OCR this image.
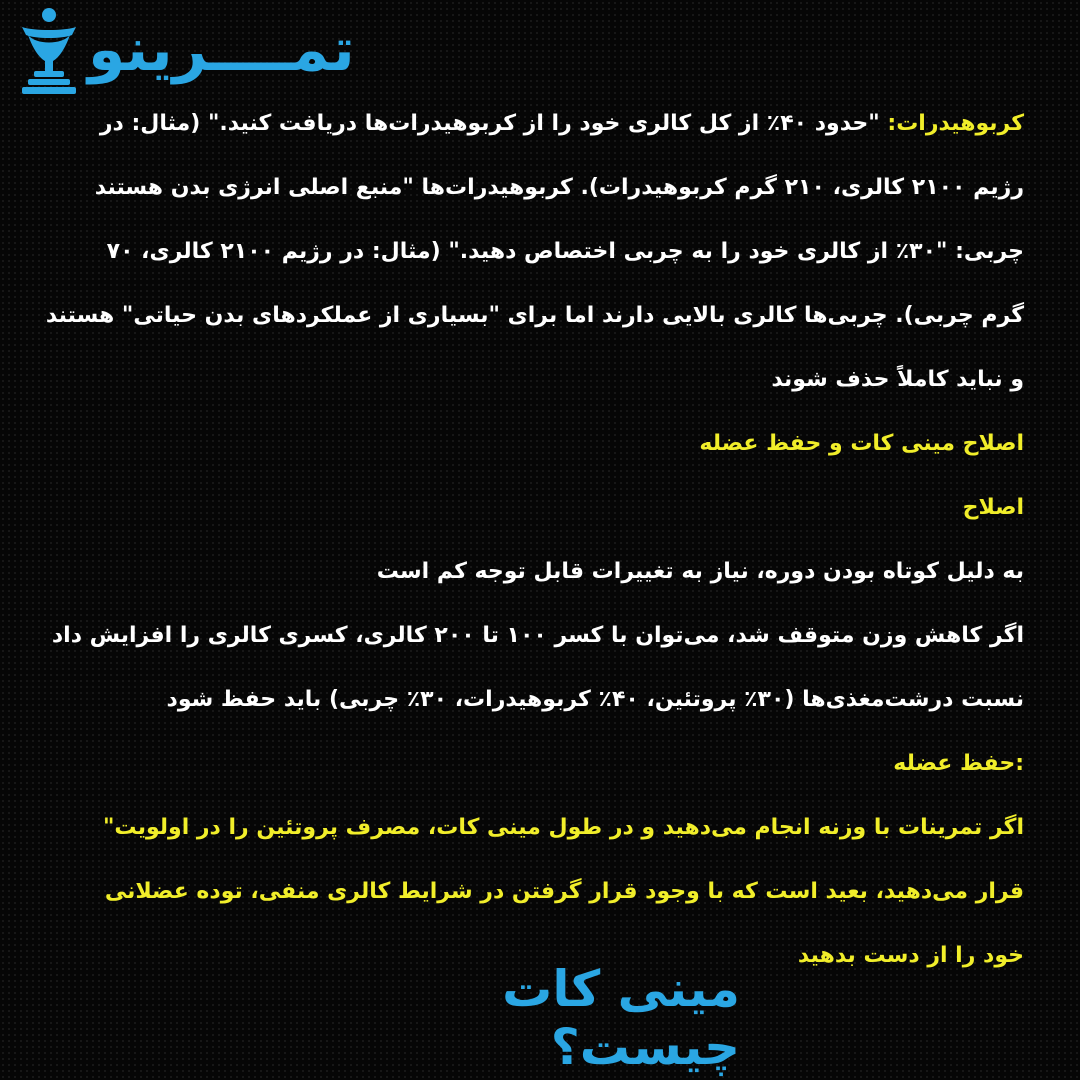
تمــــرینو
کربوهیدرات: "حدود ۴۰٪ از کل کالری خود را از کربوهیدرات‌ها دریافت کنید." (مثال: در
رژیم ۲۱۰۰ کالری، ۲۱۰ گرم کربوهیدرات). کربوهیدرات‌ها "منبع اصلی انرژی بدن هستند
چربی: "۳۰٪ از کالری خود را به چربی اختصاص دهید." (مثال: در رژیم ۲۱۰۰ کالری، ۷۰
گرم چربی). چربی‌ها کالری بالایی دارند اما برای "بسیاری از عملکردهای بدن حیاتی" هستند
و نباید کاملاً حذف شوند
اصلاح مینی کات و حفظ عضله
اصلاح
به دلیل کوتاه بودن دوره، نیاز به تغییرات قابل توجه کم است
اگر کاهش وزن متوقف شد، می‌توان با کسر ۱۰۰ تا ۲۰۰ کالری، کسری کالری را افزایش داد
نسبت درشت‌مغذی‌ها (۳۰٪ پروتئین، ۴۰٪ کربوهیدرات، ۳۰٪ چربی) باید حفظ شود
:حفظ عضله
اگر تمرینات با وزنه انجام می‌دهید و در طول مینی کات، مصرف پروتئین را در اولویت"
قرار می‌دهید، بعید است که با وجود قرار گرفتن در شرایط کالری منفی، توده عضلانی
خود را از دست بدهید
مینی کات چیست؟
